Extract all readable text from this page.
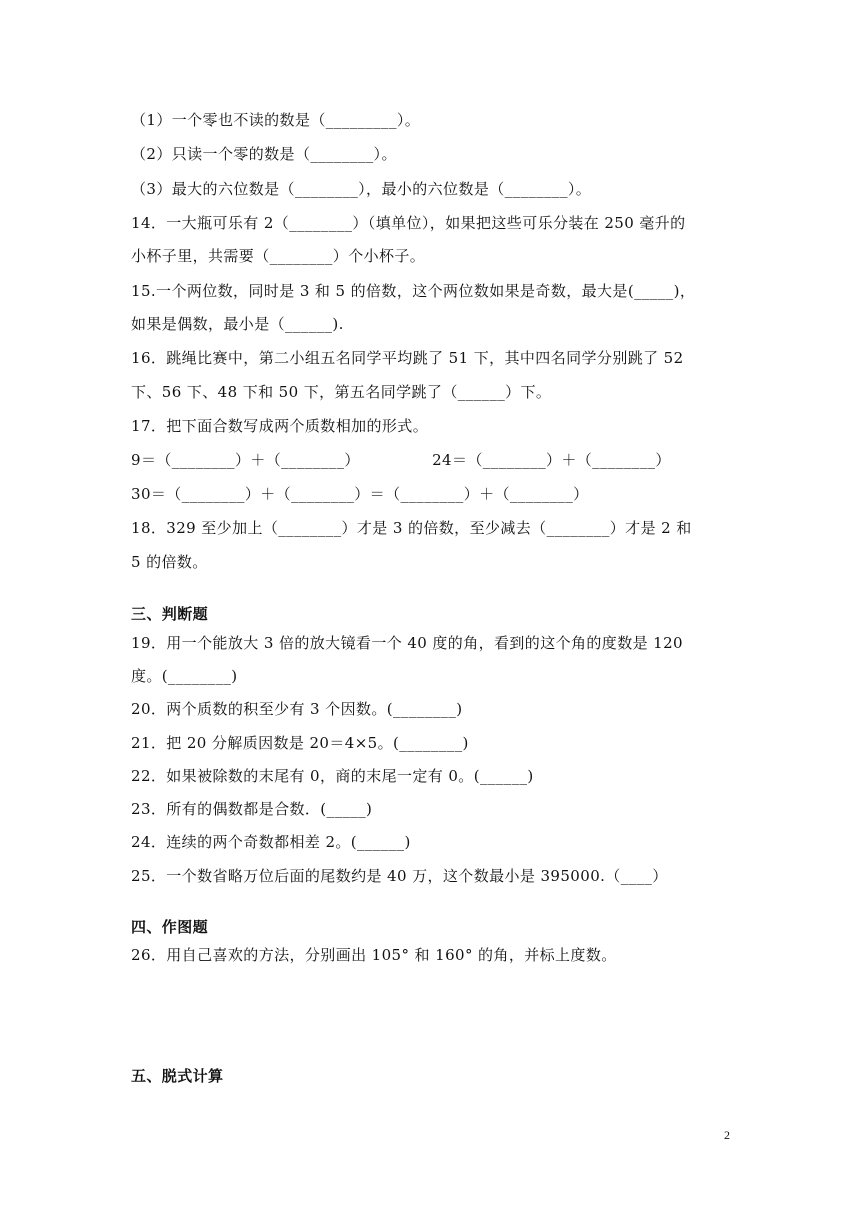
（1）一个零也不读的数是（_________）。
（2）只读一个零的数是（________）。
（3）最大的六位数是（________），最小的六位数是（________）。
14．一大瓶可乐有 2（________）（填单位），如果把这些可乐分装在 250 毫升的
小杯子里，共需要（________）个小杯子。
15.一个两位数，同时是 3 和 5 的倍数，这个两位数如果是奇数，最大是(_____)，
如果是偶数，最小是（______).
16．跳绳比赛中，第二小组五名同学平均跳了 51 下，其中四名同学分别跳了 52
下、56 下、48 下和 50 下，第五名同学跳了（______）下。
17．把下面合数写成两个质数相加的形式。
9＝（________）＋（________）              24＝（________）＋（________）
30＝（________）＋（________）＝（________）＋（________）
18．329 至少加上（________）才是 3 的倍数，至少减去（________）才是 2 和
5 的倍数。
三、判断题
19．用一个能放大 3 倍的放大镜看一个 40 度的角，看到的这个角的度数是 120
度。(________)
20．两个质数的积至少有 3 个因数。(________)
21．把 20 分解质因数是 20＝4×5。(________)
22．如果被除数的末尾有 0，商的末尾一定有 0。(______)
23．所有的偶数都是合数．(_____)
24．连续的两个奇数都相差 2。(______)
25．一个数省略万位后面的尾数约是 40 万，这个数最小是 395000.（____）
四、作图题
26．用自己喜欢的方法，分别画出 105° 和 160° 的角，并标上度数。
五、脱式计算
2
